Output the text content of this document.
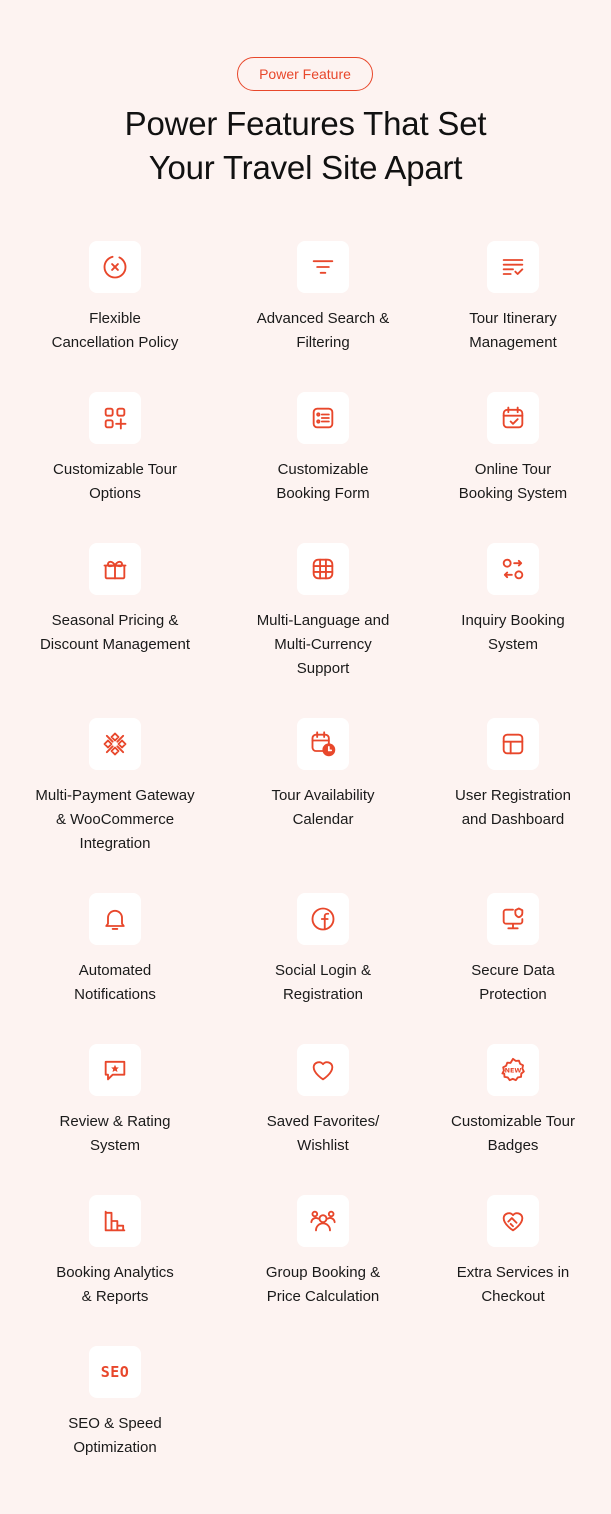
Power Feature
Power Features That Set
Your Travel Site Apart
Flexible
Cancellation Policy
Advanced Search &
Filtering
Tour Itinerary
Management
Customizable Tour
Options
Customizable
Booking Form
Online Tour
Booking System
Seasonal Pricing &
Discount Management
Multi-Language and
Multi-Currency
Support
Inquiry Booking
System
Multi-Payment Gateway
& WooCommerce
Integration
Tour Availability
Calendar
User Registration
and Dashboard
Automated
Notifications
Social Login &
Registration
Secure Data
Protection
Review & Rating
System
Saved Favorites/
Wishlist
NEW
Customizable Tour
Badges
Booking Analytics
& Reports
Group Booking &
Price Calculation
Extra Services in
Checkout
SEO
SEO & Speed
Optimization
